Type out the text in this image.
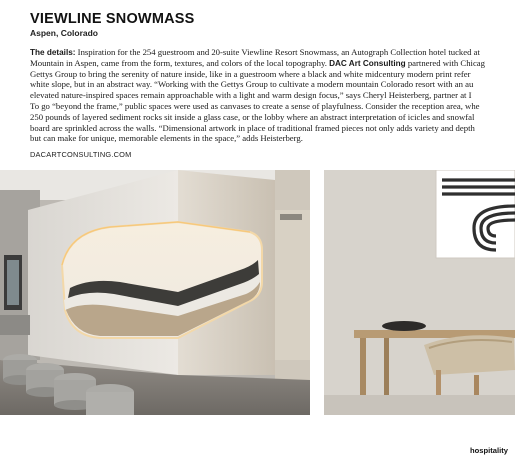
VIEWLINE SNOWMASS
Aspen, Colorado
The details: Inspiration for the 254 guestroom and 20-suite Viewline Resort Snowmass, an Autograph Collection hotel tucked at
Mountain in Aspen, came from the form, textures, and colors of the local topography. DAC Art Consulting partnered with Chicag
Gettys Group to bring the serenity of nature inside, like in a guestroom where a black and white midcentury modern print refer
white slope, but in an abstract way. “Working with the Gettys Group to cultivate a modern mountain Colorado resort with an au
elevated nature-inspired spaces remain approachable with a light and warm design focus,” says Cheryl Heisterberg, partner at I
To go “beyond the frame,” public spaces were used as canvases to create a sense of playfulness. Consider the reception area, whe
250 pounds of layered sediment rocks sit inside a glass case, or the lobby where an abstract interpretation of icicles and snowfal
board are sprinkled across the walls. “Dimensional artwork in place of traditional framed pieces not only adds variety and depth
but can make for unique, memorable elements in the space,” adds Heisterberg.
DACARTCONSULTING.COM
hospitality
